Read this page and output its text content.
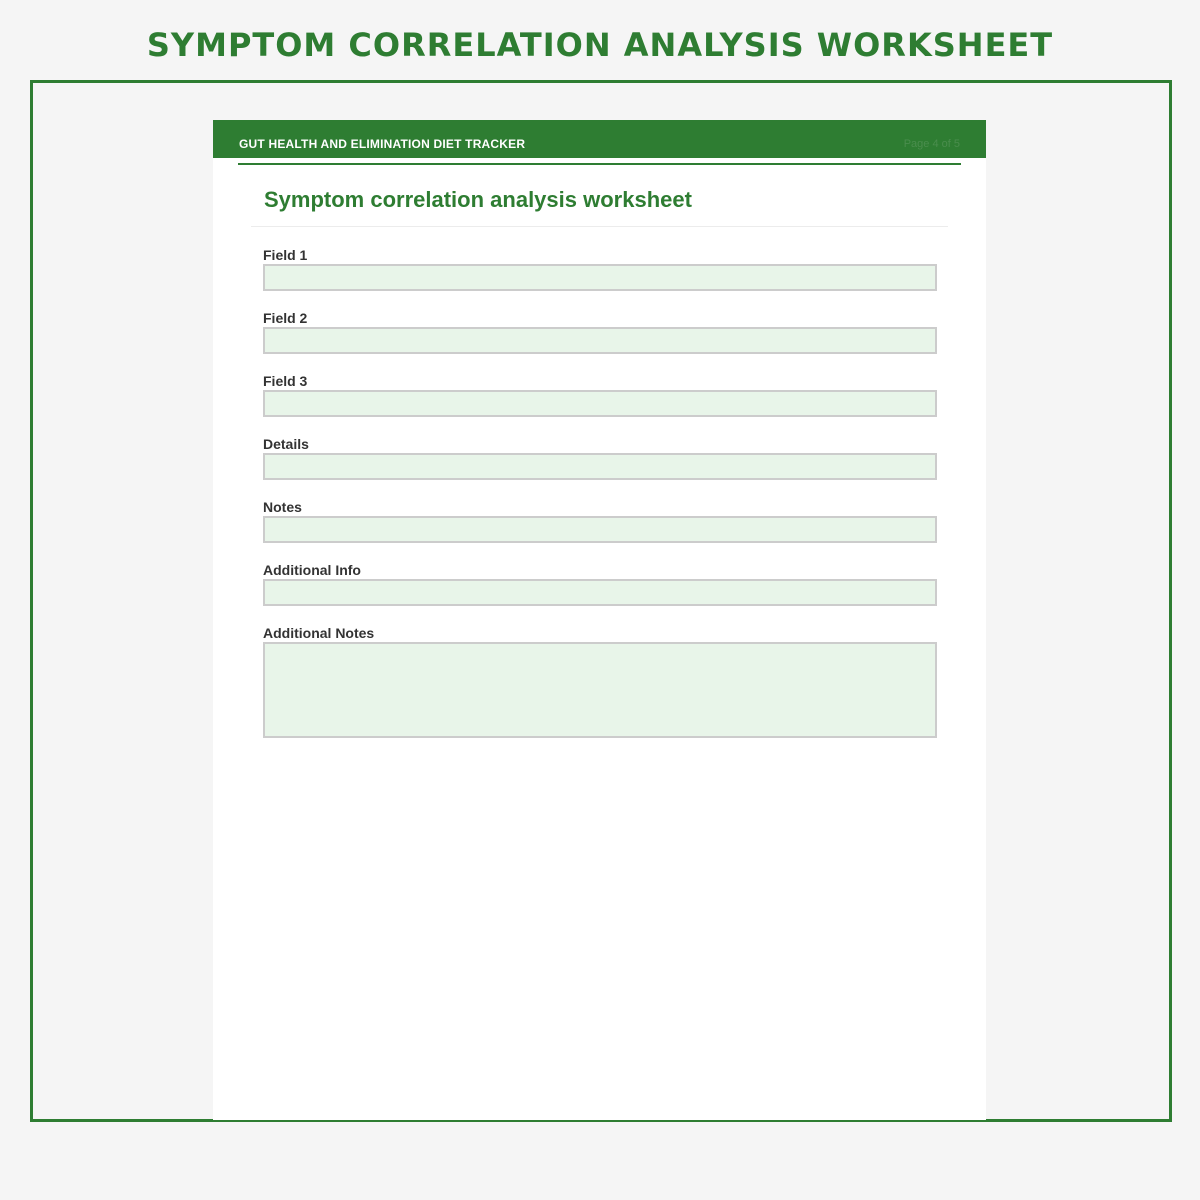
SYMPTOM CORRELATION ANALYSIS WORKSHEET
GUT HEALTH AND ELIMINATION DIET TRACKER	Page 4 of 5
Symptom correlation analysis worksheet
Field 1
Field 2
Field 3
Details
Notes
Additional Info
Additional Notes
